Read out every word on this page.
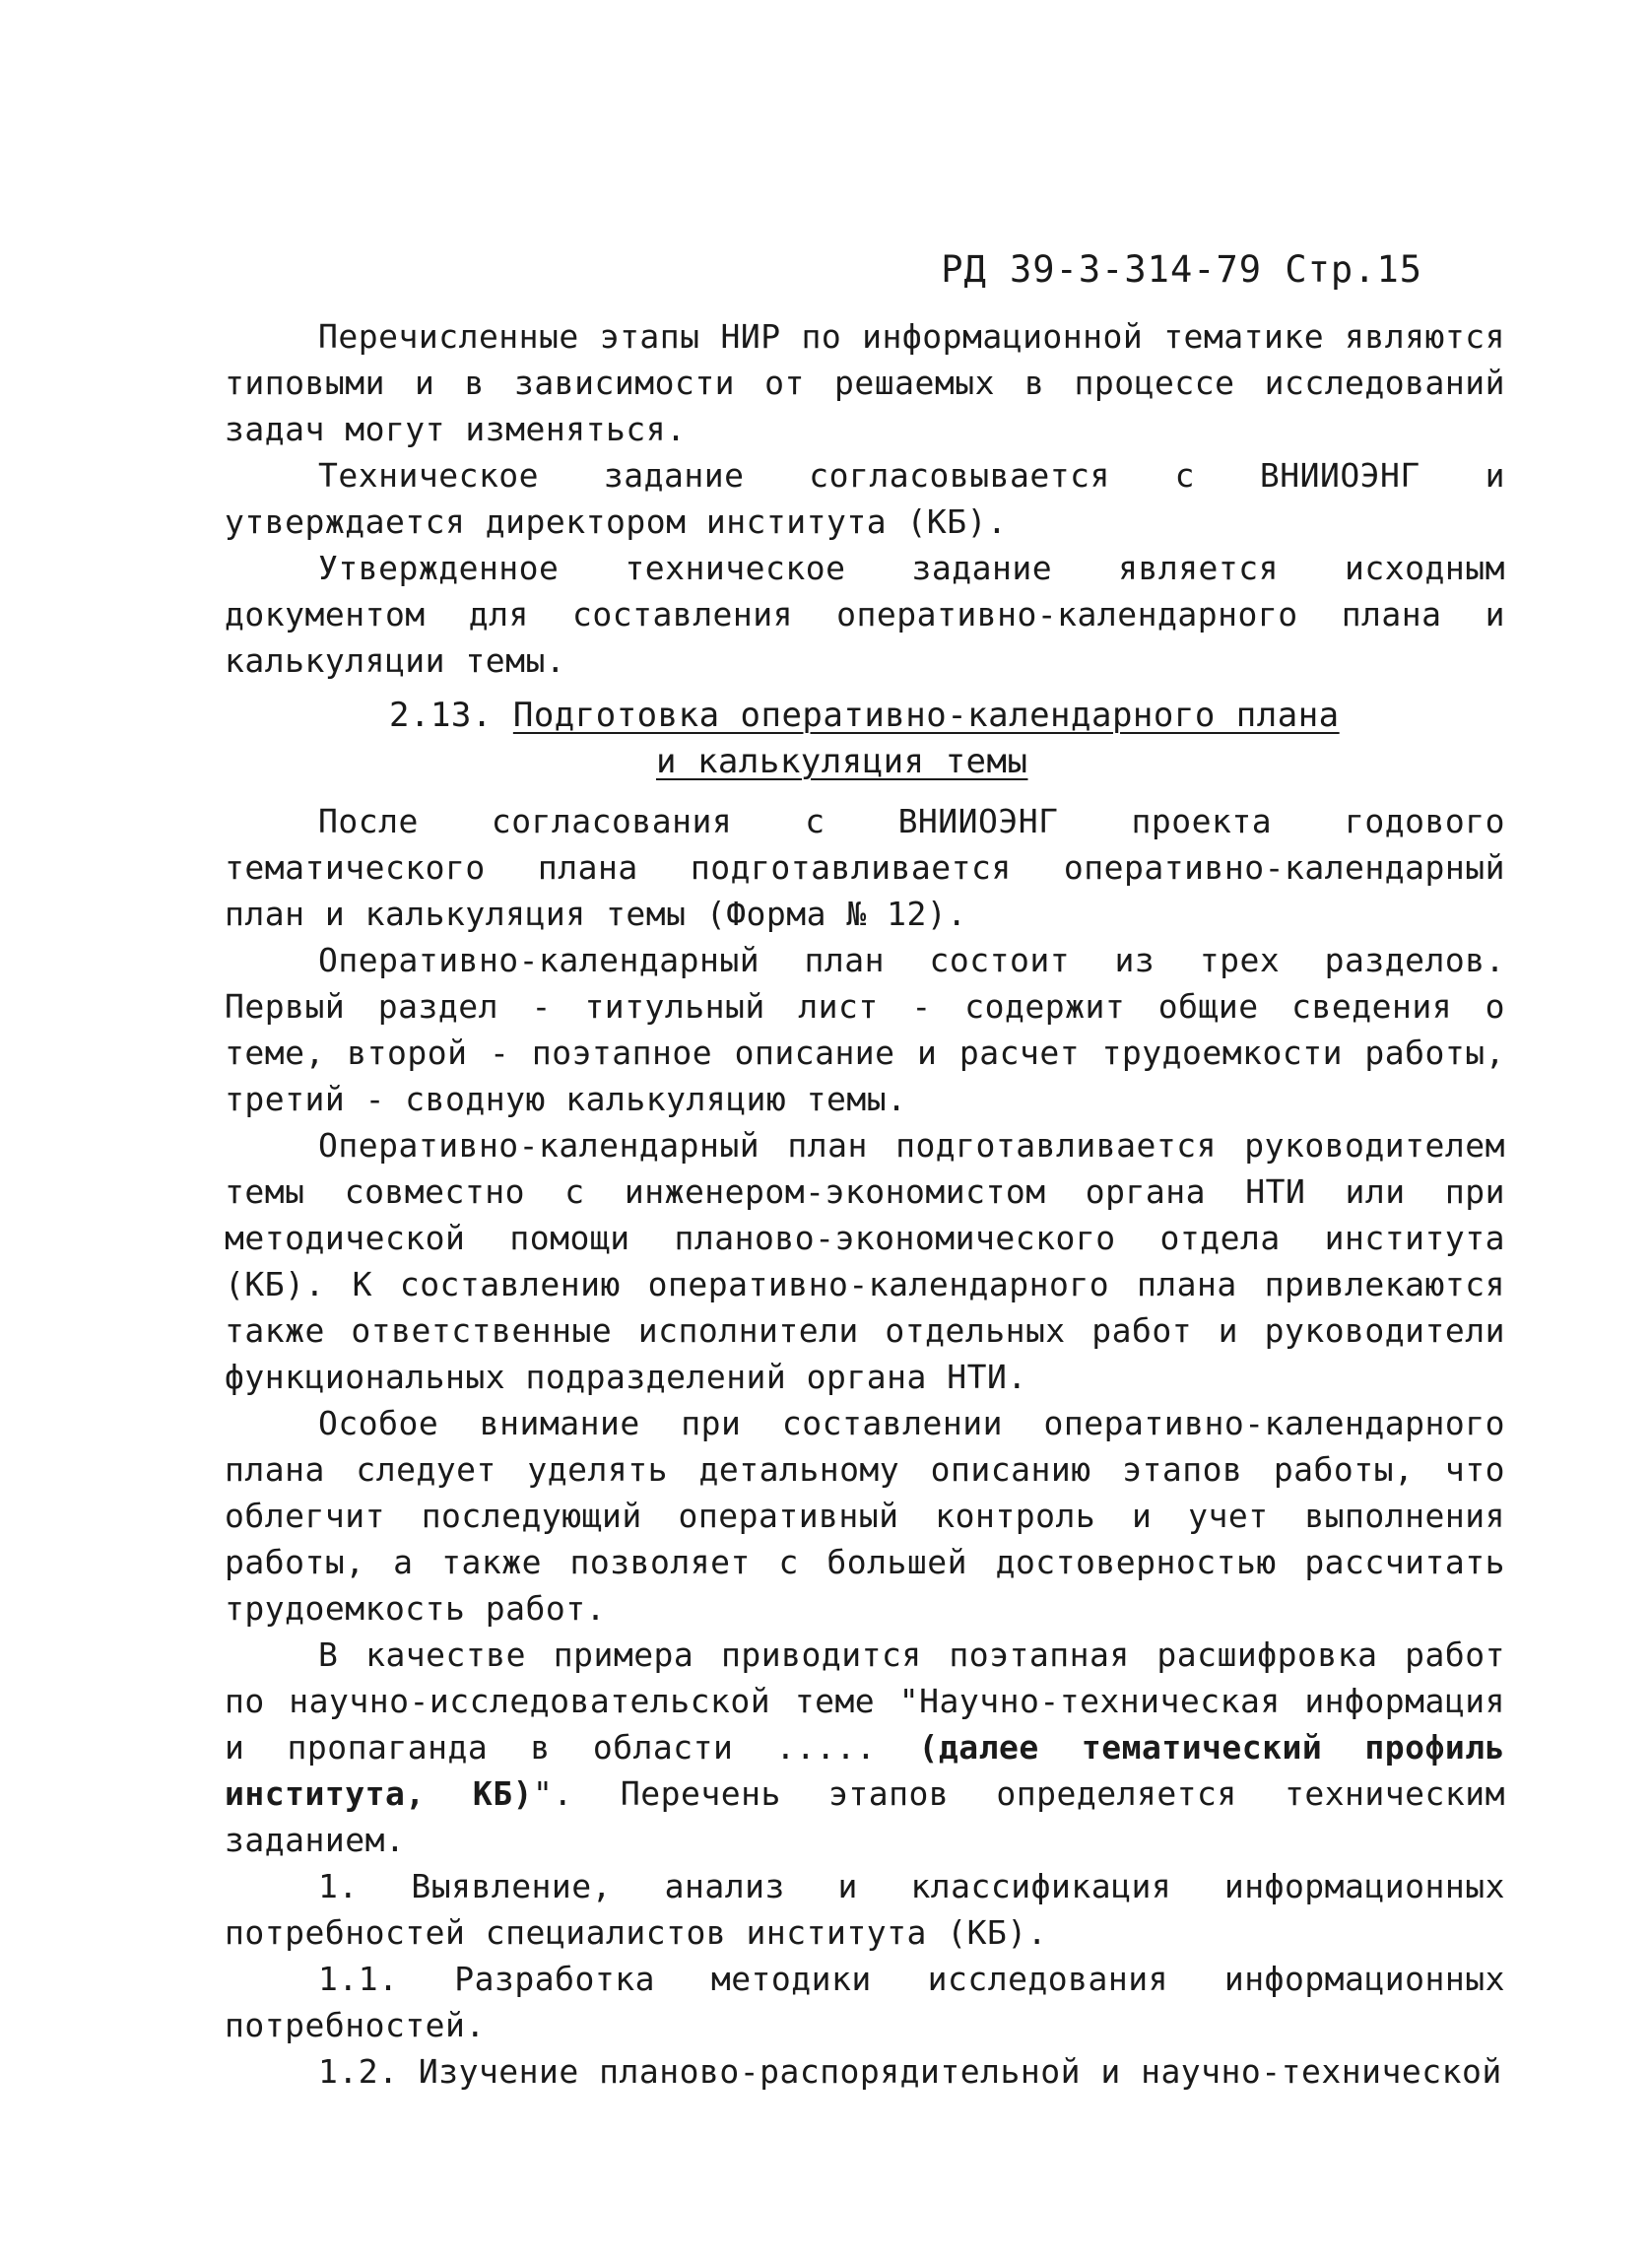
РД 39-3-314-79 Стр.15

Перечисленные этапы НИР по информационной тематике являются типовыми и в зависимости от решаемых в процессе исследований задач могут изменяться.

Техническое задание согласовывается с ВНИИОЭНГ и утверждается директором института (КБ).

Утвержденное техническое задание является исходным документом для составления оперативно-календарного плана и калькуляции темы.

2.13. Подготовка оперативно-календарного плана
и калькуляция темы

После согласования с ВНИИОЭНГ проекта годового тематического плана подготавливается оперативно-календарный план и калькуляция темы (Форма № 12).

Оперативно-календарный план состоит из трех разделов. Первый раздел - титульный лист - содержит общие сведения о теме, второй - поэтапное описание и расчет трудоемкости работы, третий - сводную калькуляцию темы.

Оперативно-календарный план подготавливается руководителем темы совместно с инженером-экономистом органа НТИ или при методической помощи планово-экономического отдела института (КБ). К составлению оперативно-календарного плана привлекаются также ответственные исполнители отдельных работ и руководители функциональных подразделений органа НТИ.

Особое внимание при составлении оперативно-календарного плана следует уделять детальному описанию этапов работы, что облегчит последующий оперативный контроль и учет выполнения работы, а также позволяет с большей достоверностью рассчитать трудоемкость работ.

В качестве примера приводится поэтапная расшифровка работ по научно-исследовательской теме "Научно-техническая информация и пропаганда в области ..... (далее тематический профиль института, КБ)". Перечень этапов определяется техническим заданием.

1. Выявление, анализ и классификация информационных потребностей специалистов института (КБ).

1.1. Разработка методики исследования информационных потребностей.

1.2. Изучение планово-распорядительной и научно-технической
